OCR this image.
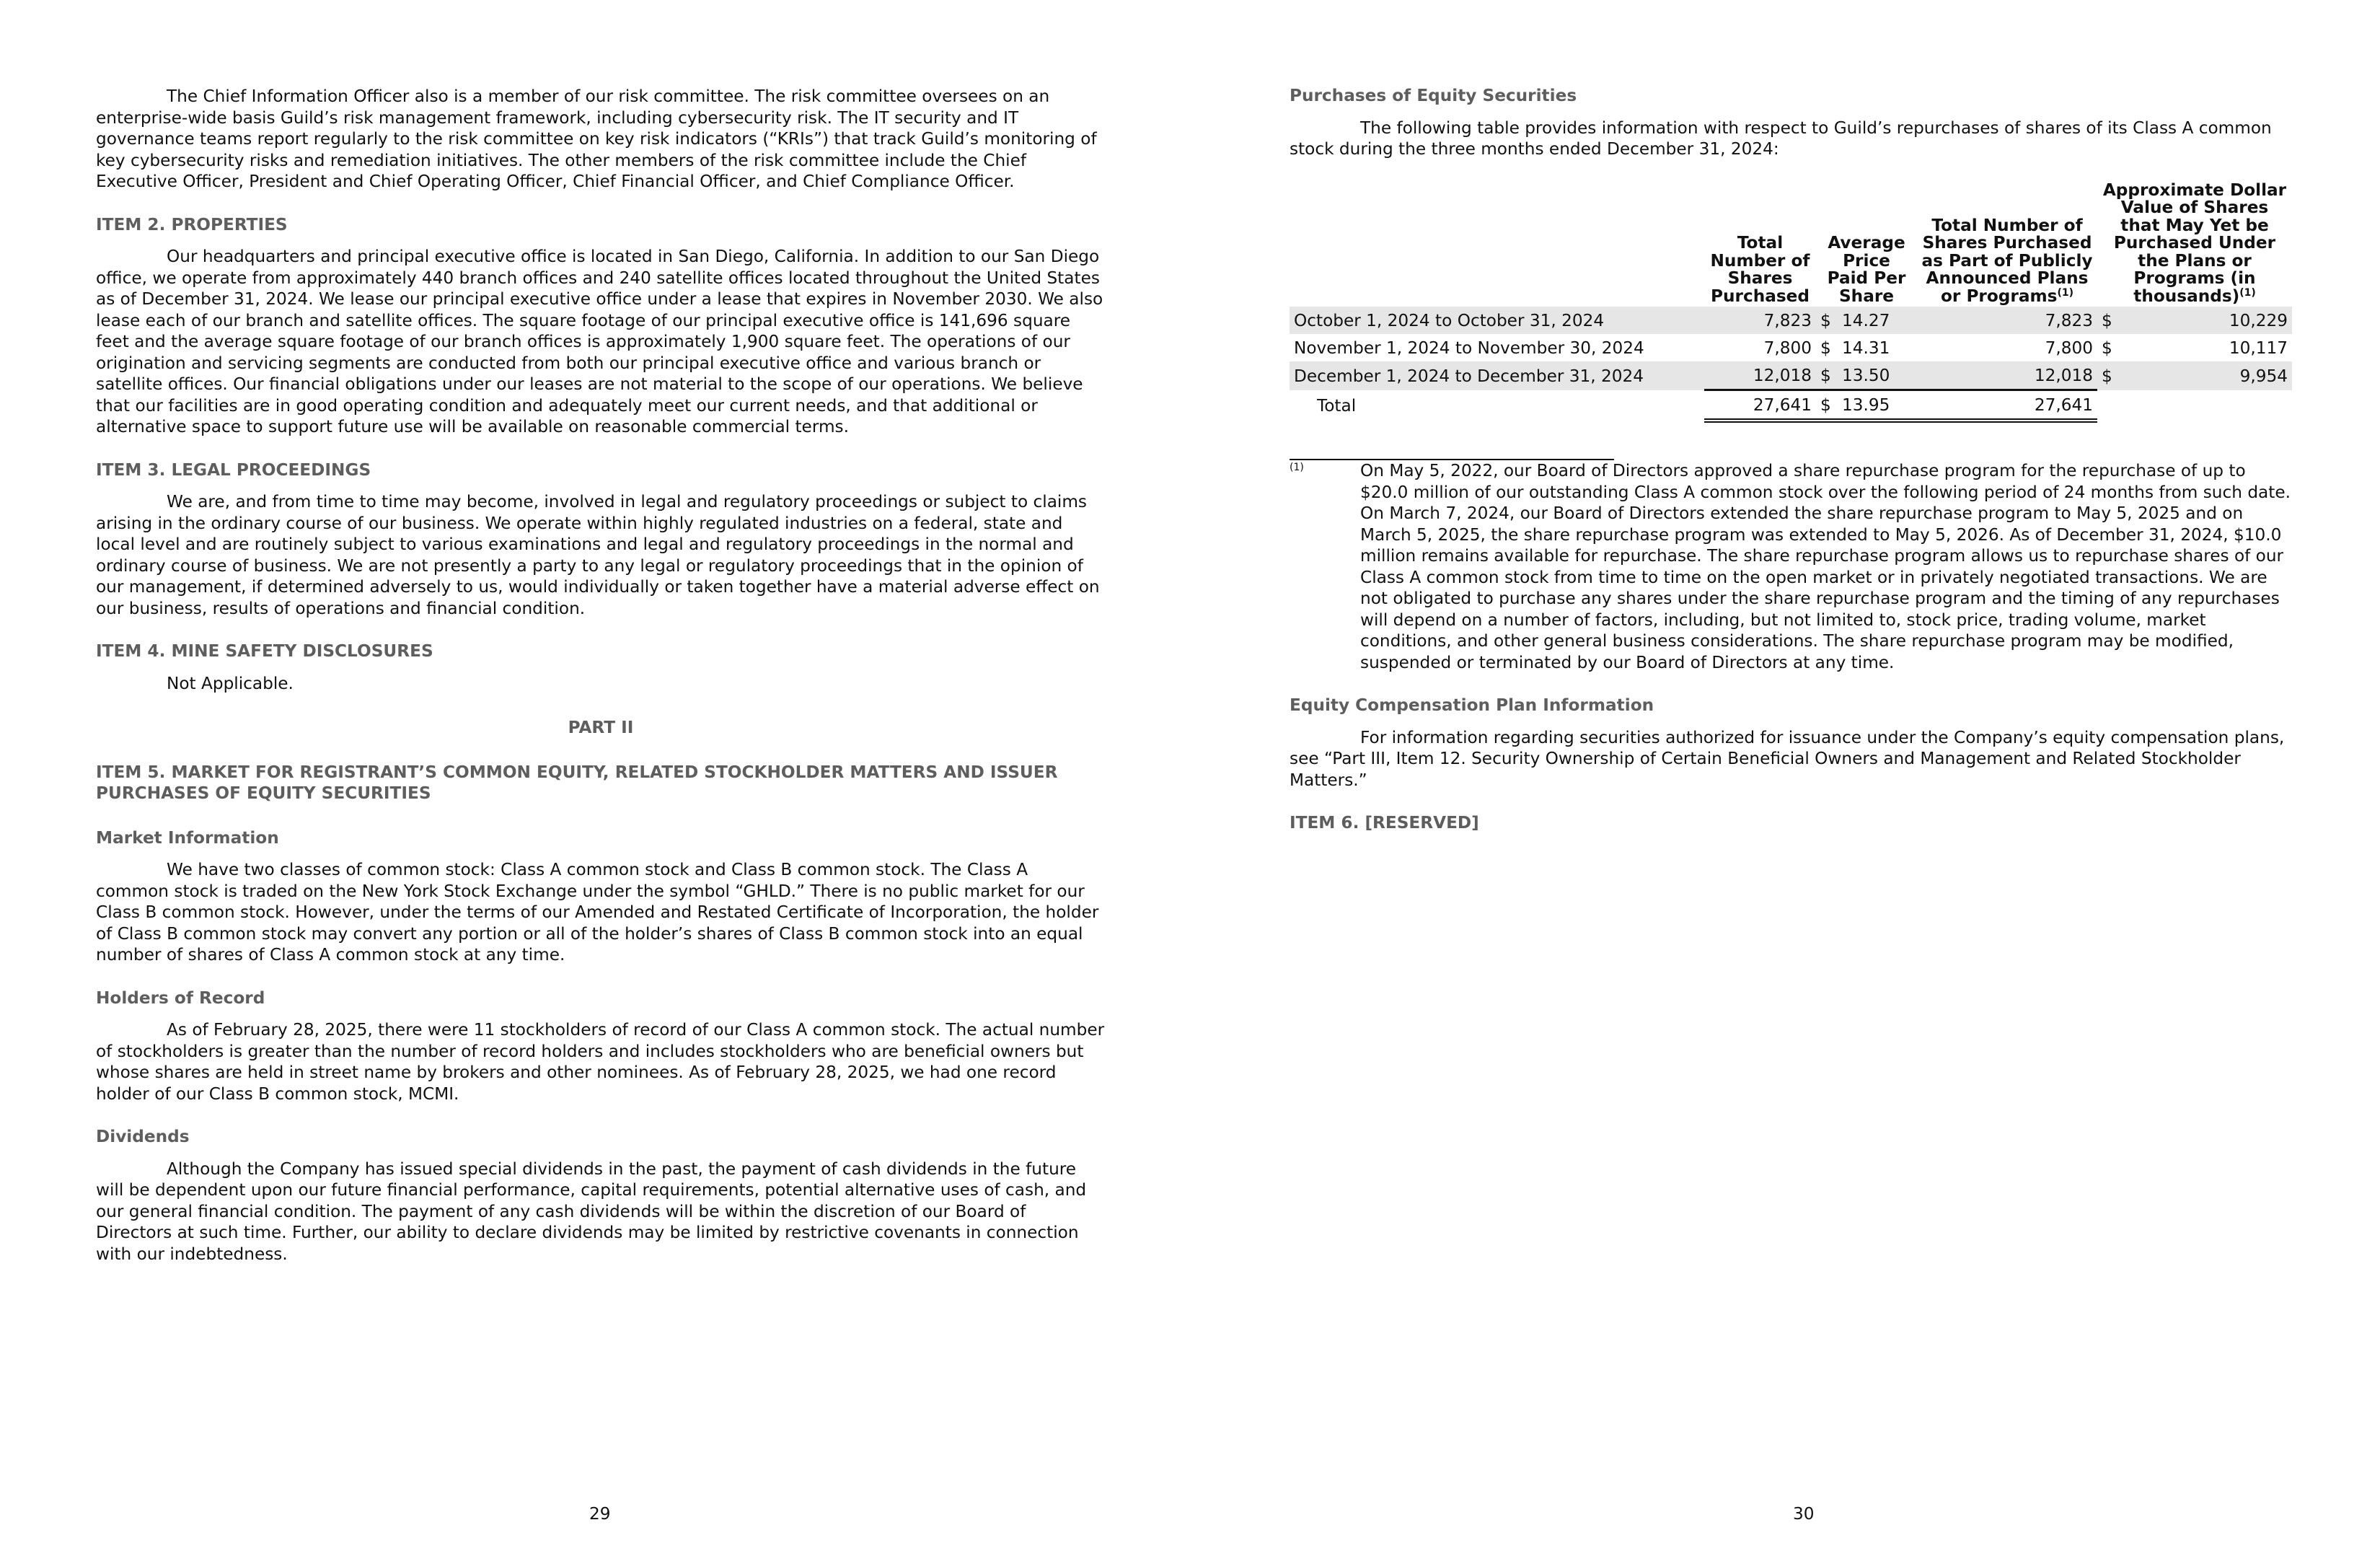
The Chief Information Officer also is a member of our risk committee. The risk committee oversees on an enterprise-wide basis Guild’s risk management framework, including cybersecurity risk. The IT security and IT governance teams report regularly to the risk committee on key risk indicators (“KRIs”) that track Guild’s monitoring of key cybersecurity risks and remediation initiatives. The other members of the risk committee include the Chief Executive Officer, President and Chief Operating Officer, Chief Financial Officer, and Chief Compliance Officer.

ITEM 2. PROPERTIES

Our headquarters and principal executive office is located in San Diego, California. In addition to our San Diego office, we operate from approximately 440 branch offices and 240 satellite offices located throughout the United States as of December 31, 2024. We lease our principal executive office under a lease that expires in November 2030. We also lease each of our branch and satellite offices. The square footage of our principal executive office is 141,696 square feet and the average square footage of our branch offices is approximately 1,900 square feet. The operations of our origination and servicing segments are conducted from both our principal executive office and various branch or satellite offices. Our financial obligations under our leases are not material to the scope of our operations. We believe that our facilities are in good operating condition and adequately meet our current needs, and that additional or alternative space to support future use will be available on reasonable commercial terms.

ITEM 3. LEGAL PROCEEDINGS

We are, and from time to time may become, involved in legal and regulatory proceedings or subject to claims arising in the ordinary course of our business. We operate within highly regulated industries on a federal, state and local level and are routinely subject to various examinations and legal and regulatory proceedings in the normal and ordinary course of business. We are not presently a party to any legal or regulatory proceedings that in the opinion of our management, if determined adversely to us, would individually or taken together have a material adverse effect on our business, results of operations and financial condition.

ITEM 4. MINE SAFETY DISCLOSURES

Not Applicable.

PART II
ITEM 5. MARKET FOR REGISTRANT’S COMMON EQUITY, RELATED STOCKHOLDER MATTERS AND ISSUER PURCHASES OF EQUITY SECURITIES
Market Information

We have two classes of common stock: Class A common stock and Class B common stock. The Class A common stock is traded on the New York Stock Exchange under the symbol “GHLD.” There is no public market for our Class B common stock. However, under the terms of our Amended and Restated Certificate of Incorporation, the holder of Class B common stock may convert any portion or all of the holder’s shares of Class B common stock into an equal number of shares of Class A common stock at any time.

Holders of Record

As of February 28, 2025, there were 11 stockholders of record of our Class A common stock. The actual number of stockholders is greater than the number of record holders and includes stockholders who are beneficial owners but whose shares are held in street name by brokers and other nominees. As of February 28, 2025, we had one record holder of our Class B common stock, MCMI.

Dividends

Although the Company has issued special dividends in the past, the payment of cash dividends in the future will be dependent upon our future financial performance, capital requirements, potential alternative uses of cash, and our general financial condition. The payment of any cash dividends will be within the discretion of our Board of Directors at such time. Further, our ability to declare dividends may be limited by restrictive covenants in connection with our indebtedness.

29
Purchases of Equity Securities

The following table provides information with respect to Guild’s repurchases of shares of its Class A common stock during the three months ended December 31, 2024:

	Total Number of Shares Purchased	Average Price Paid Per Share		Total Number of Shares Purchased as Part of Publicly Announced Plans or Programs$^{(1)}$	Approximate Dollar Value of Shares that May Yet be Purchased Under the Plans or Programs (in thousands)$^{(1)}$
October 1, 2024 to October 31, 2024	7,823	$	14.27	7,823	$	10,229
November 1, 2024 to November 30, 2024	7,800	$	14.31	7,800	$	10,117
December 1, 2024 to December 31, 2024	12,018	$	13.50	12,018	$	9,954
Total	27,641	$	13.95	27,641		
(1)	On May 5, 2022, our Board of Directors approved a share repurchase program for the repurchase of up to $20.0 million of our outstanding Class A common stock over the following period of 24 months from such date. On March 7, 2024, our Board of Directors extended the share repurchase program to May 5, 2025 and on March 5, 2025, the share repurchase program was extended to May 5, 2026. As of December 31, 2024, $10.0 million remains available for repurchase. The share repurchase program allows us to repurchase shares of our Class A common stock from time to time on the open market or in privately negotiated transactions. We are not obligated to purchase any shares under the share repurchase program and the timing of any repurchases will depend on a number of factors, including, but not limited to, stock price, trading volume, market conditions, and other general business considerations. The share repurchase program may be modified, suspended or terminated by our Board of Directors at any time.
Equity Compensation Plan Information

For information regarding securities authorized for issuance under the Company’s equity compensation plans, see “Part III, Item 12. Security Ownership of Certain Beneficial Owners and Management and Related Stockholder Matters.”

ITEM 6. [RESERVED]
30
